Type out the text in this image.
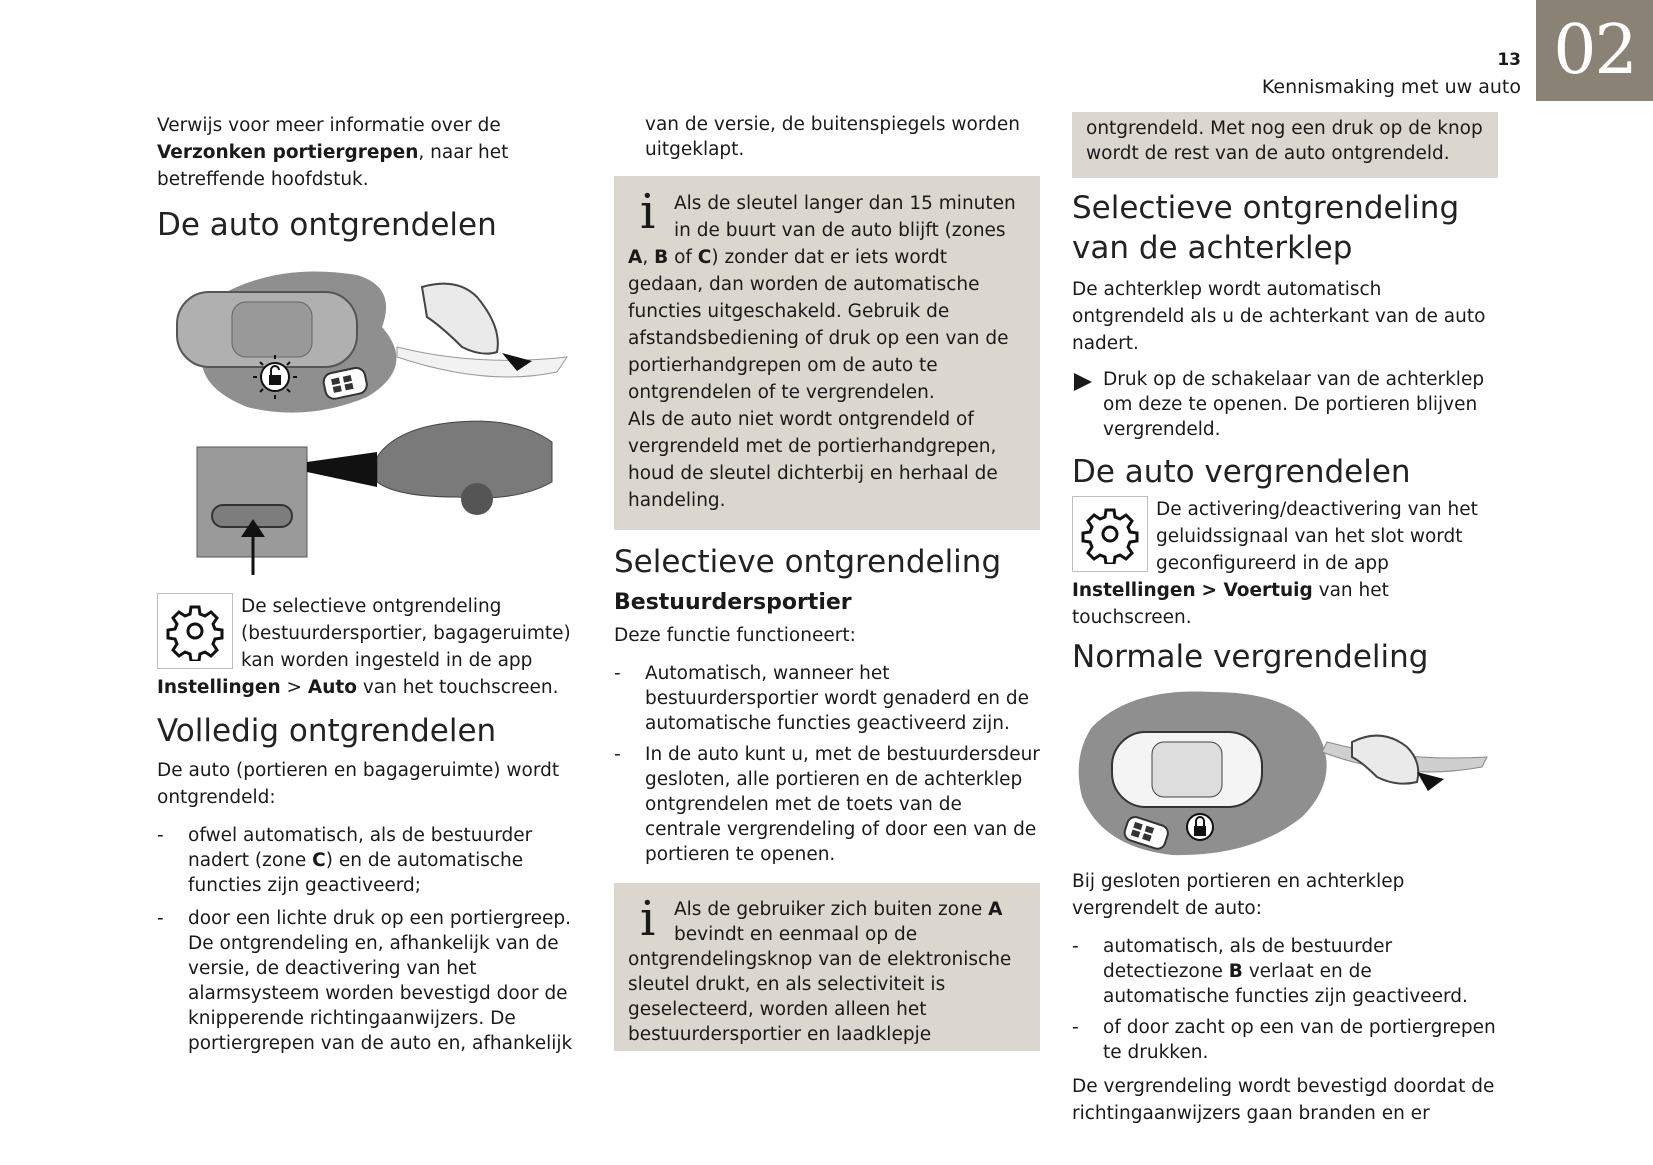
13
Kennismaking met uw auto 02

Verwijs voor meer informatie over de Verzonken portiergrepen, naar het betreffende hoofdstuk.

De auto ontgrendelen

De selectieve ontgrendeling (bestuurdersportier, bagageruimte) kan worden ingesteld in de app Instellingen > Auto van het touchscreen.

Volledig ontgrendelen

De auto (portieren en bagageruimte) wordt ontgrendeld:

- ofwel automatisch, als de bestuurder nadert (zone C) en de automatische functies zijn geactiveerd;
- door een lichte druk op een portiergreep. De ontgrendeling en, afhankelijk van de versie, de deactivering van het alarmsysteem worden bevestigd door de knipperende richtingaanwijzers. De portiergrepen van de auto en, afhankelijk

van de versie, de buitenspiegels worden uitgeklapt.

i	Als de sleutel langer dan 15 minuten in de buurt van de auto blijft (zones A, B of C) zonder dat er iets wordt gedaan, dan worden de automatische functies uitgeschakeld. Gebruik de afstandsbediening of druk op een van de portierhandgrepen om de auto te ontgrendelen of te vergrendelen.

Als de auto niet wordt ontgrendeld of vergrendeld met de portierhandgrepen, houd de sleutel dichterbij en herhaal de handeling.

Selectieve ontgrendeling
Bestuurdersportier

Deze functie functioneert:

- Automatisch, wanneer het bestuurdersportier wordt genaderd en de automatische functies geactiveerd zijn.
- In de auto kunt u, met de bestuurdersdeur gesloten, alle portieren en de achterklep ontgrendelen met de toets van de centrale vergrendeling of door een van de portieren te openen.
i	Als de gebruiker zich buiten zone A bevindt en eenmaal op de ontgrendelingsknop van de elektronische sleutel drukt, en als selectiviteit is geselecteerd, worden alleen het bestuurdersportier en laadklepje

ontgrendeld. Met nog een druk op de knop wordt de rest van de auto ontgrendeld.

Selectieve ontgrendeling van de achterklep

De achterklep wordt automatisch ontgrendeld als u de achterkant van de auto nadert.

Druk op de schakelaar van de achterklep om deze te openen. De portieren blijven vergrendeld.
De auto vergrendelen

De activering/deactivering van het geluidssignaal van het slot wordt geconfigureerd in de app Instellingen > Voertuig van het touchscreen.

Normale vergrendeling

Bij gesloten portieren en achterklep vergrendelt de auto:

- automatisch, als de bestuurder detectiezone B verlaat en de automatische functies zijn geactiveerd.
- of door zacht op een van de portiergrepen te drukken.

De vergrendeling wordt bevestigd doordat de richtingaanwijzers gaan branden en er
